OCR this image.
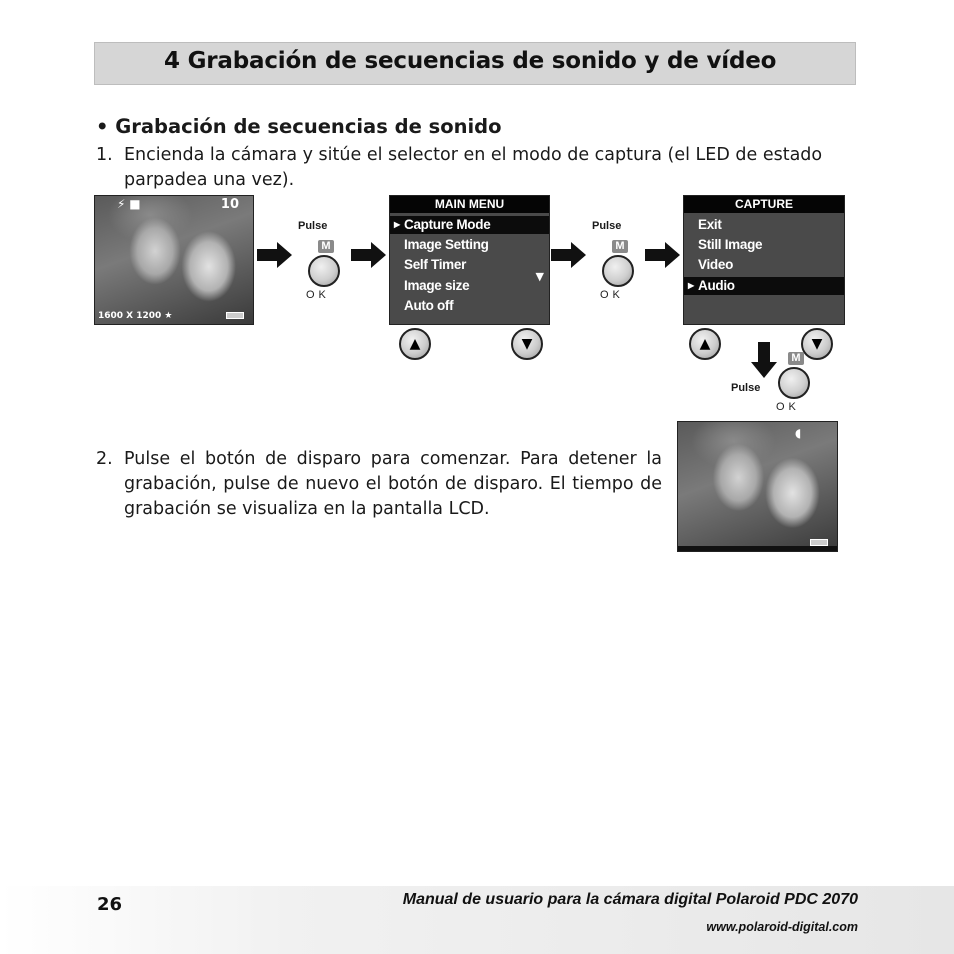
4 Grabación de secuencias de sonido y de vídeo
• Grabación de secuencias de sonido
1. Encienda la cámara y sitúe el selector en el modo de captura (el LED de estado parpadea una vez).
⚡ ■	10
1600 X 1200 ★
Pulse
M
OK
MAIN MENU
▶ Capture Mode
Image Setting
Self Timer
Image size
Auto off
▼
▲	▼
Pulse
M
OK
CAPTURE
Exit
Still Image
Video
▶ Audio
▲	▼
Pulse
M
OK
2. Pulse el botón de disparo para comenzar. Para detener la grabación, pulse de nuevo el botón de disparo. El tiempo de grabación se visualiza en la pantalla LCD.
◖
26	Manual de usuario para la cámara digital Polaroid PDC 2070
www.polaroid-digital.com
